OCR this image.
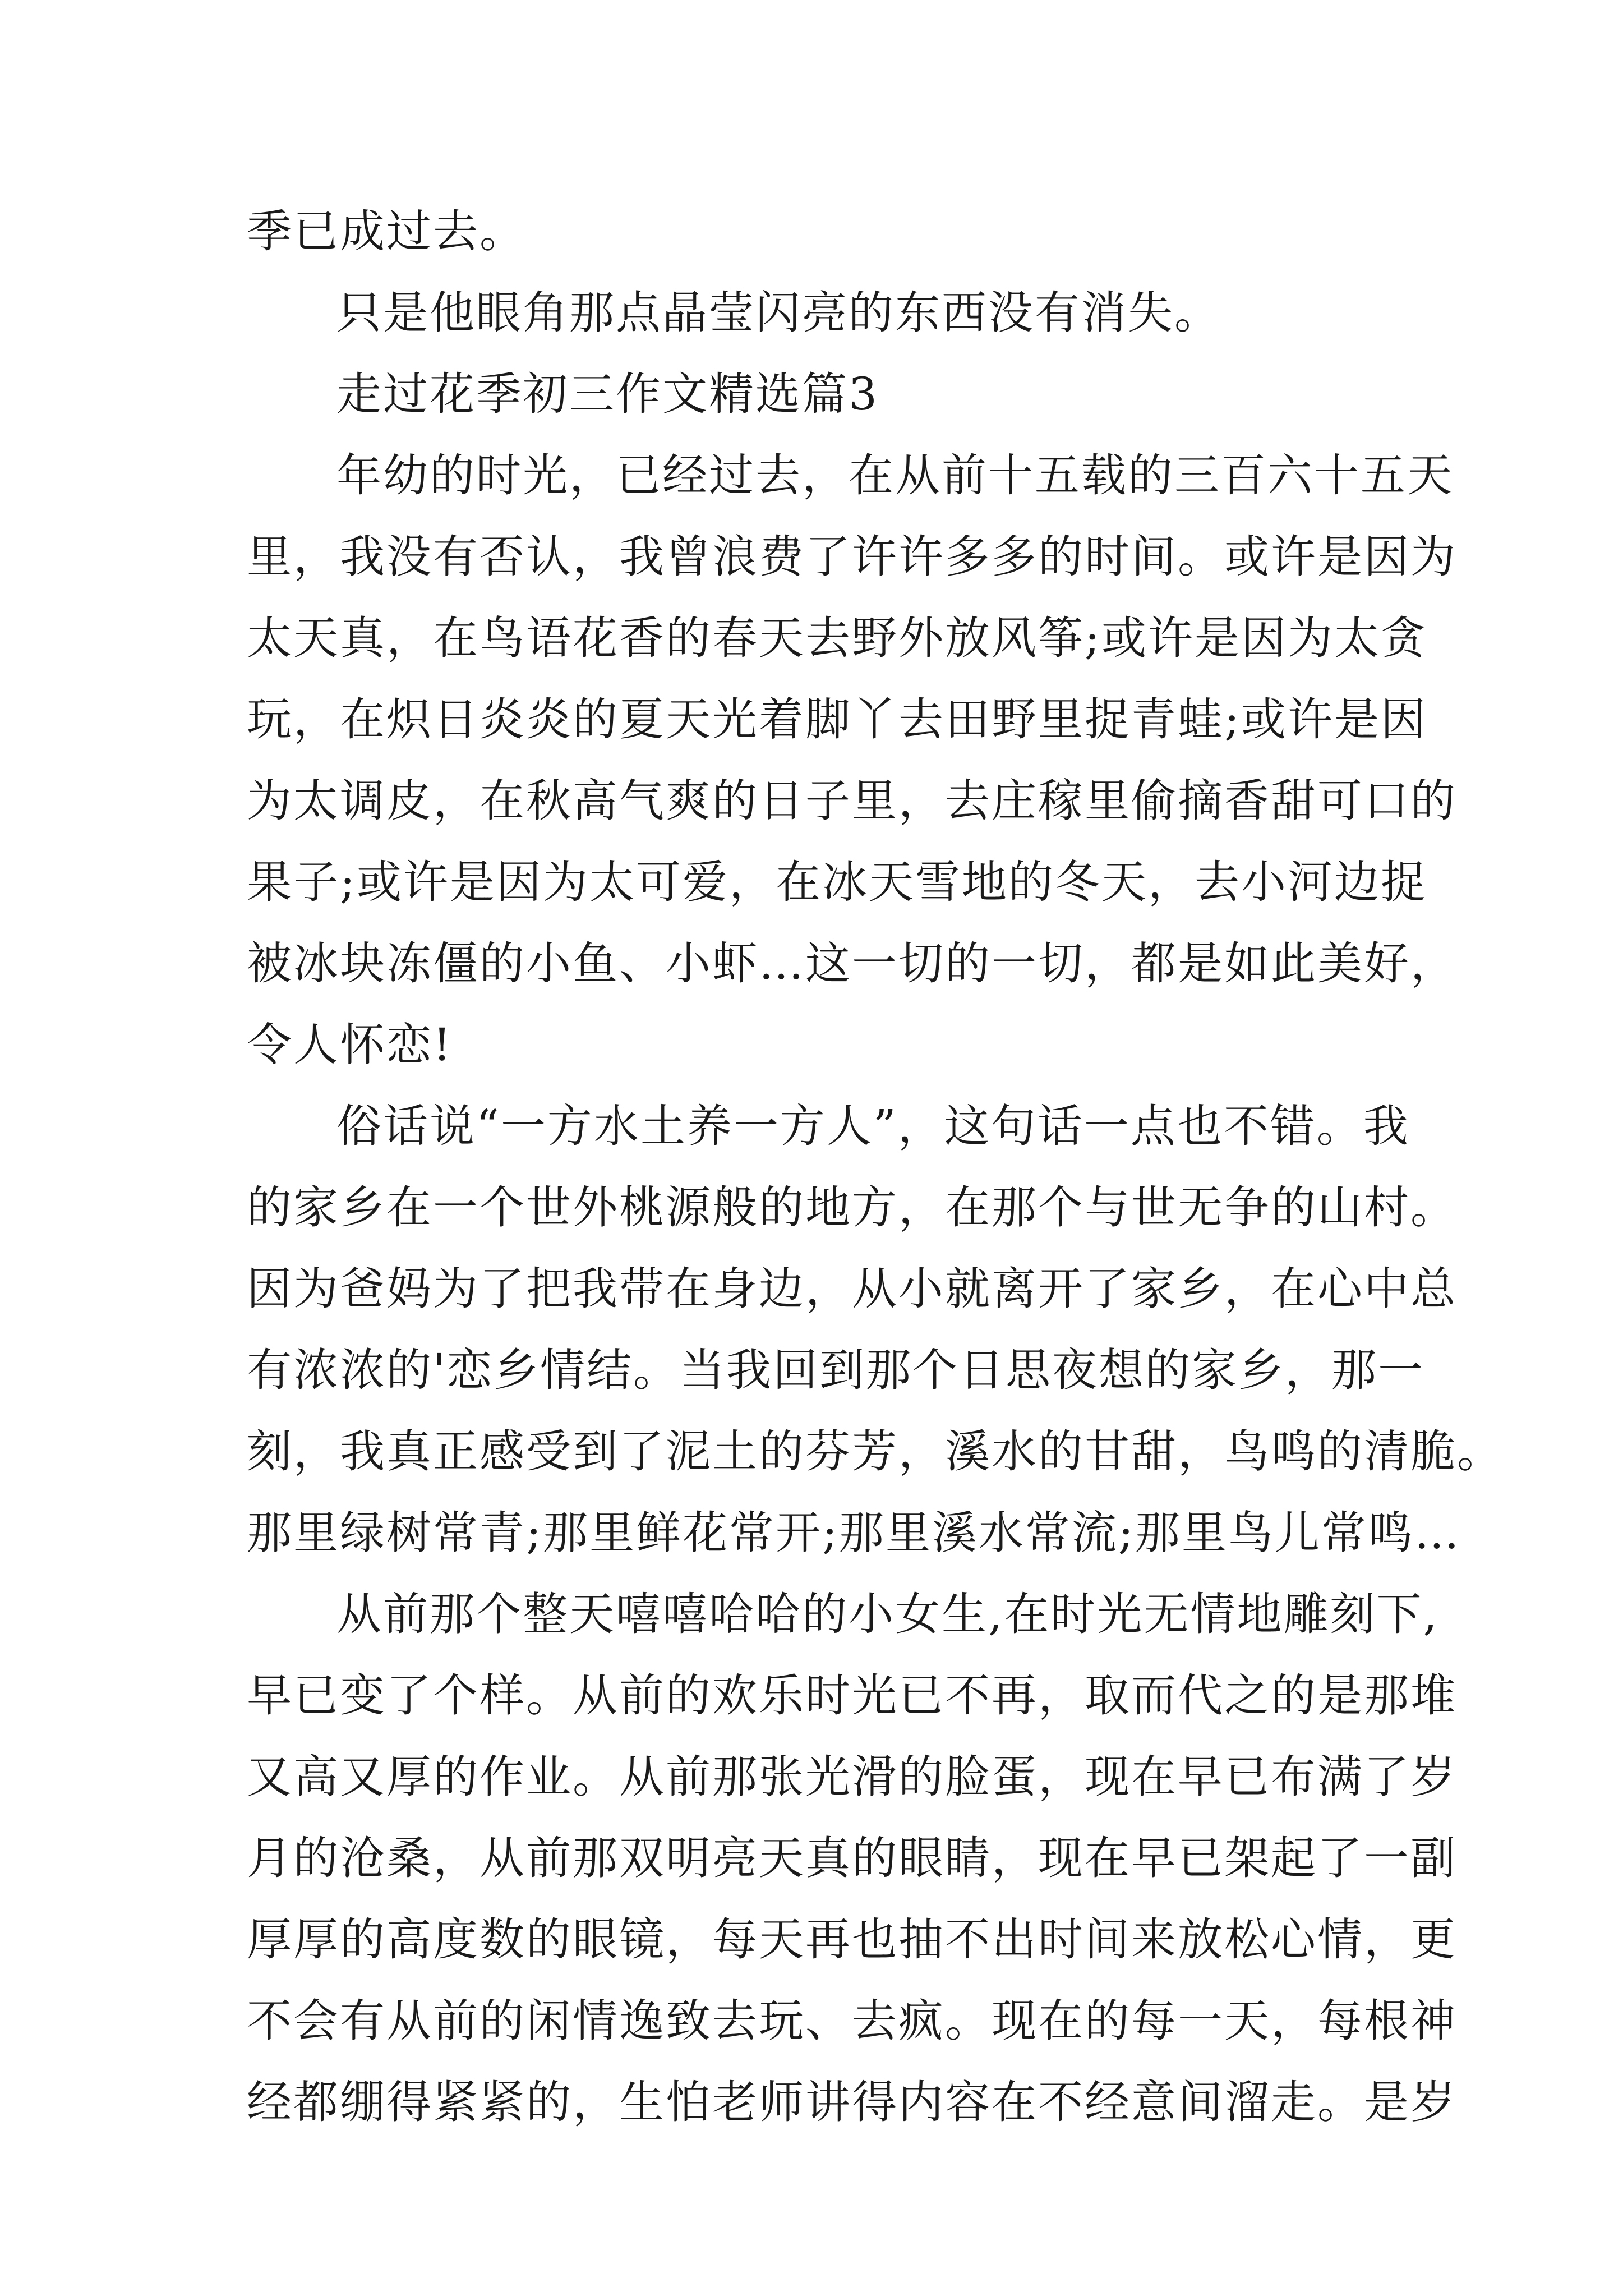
季已成过去。
只是他眼角那点晶莹闪亮的东西没有消失。
走过花季初三作文精选篇3
年幼的时光，已经过去，在从前十五载的三百六十五天
里，我没有否认，我曾浪费了许许多多的时间。或许是因为
太天真，在鸟语花香的春天去野外放风筝;或许是因为太贪
玩，在炽日炎炎的夏天光着脚丫去田野里捉青蛙;或许是因
为太调皮，在秋高气爽的日子里，去庄稼里偷摘香甜可口的
果子;或许是因为太可爱，在冰天雪地的冬天，去小河边捉
被冰块冻僵的小鱼、小虾…这一切的一切，都是如此美好，
令人怀恋!
俗话说“一方水土养一方人”，这句话一点也不错。我
的家乡在一个世外桃源般的地方，在那个与世无争的山村。
因为爸妈为了把我带在身边，从小就离开了家乡，在心中总
有浓浓的'恋乡情结。当我回到那个日思夜想的家乡，那一
刻，我真正感受到了泥土的芬芳，溪水的甘甜，鸟鸣的清脆。
那里绿树常青;那里鲜花常开;那里溪水常流;那里鸟儿常鸣…
从前那个整天嘻嘻哈哈的小女生,在时光无情地雕刻下,
早已变了个样。从前的欢乐时光已不再，取而代之的是那堆
又高又厚的作业。从前那张光滑的脸蛋，现在早已布满了岁
月的沧桑，从前那双明亮天真的眼睛，现在早已架起了一副
厚厚的高度数的眼镜，每天再也抽不出时间来放松心情，更
不会有从前的闲情逸致去玩、去疯。现在的每一天，每根神
经都绷得紧紧的，生怕老师讲得内容在不经意间溜走。是岁
